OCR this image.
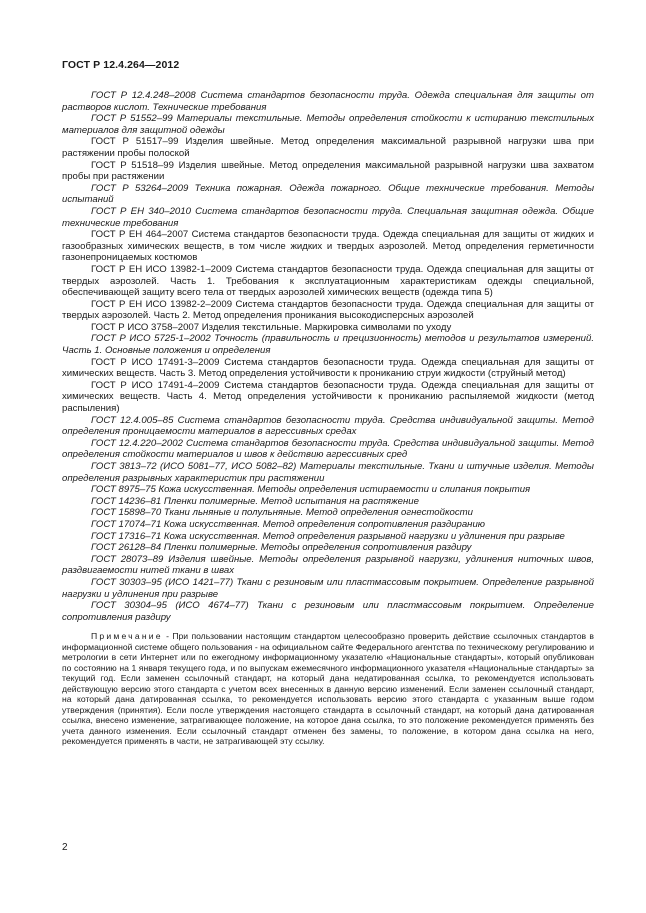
ГОСТ Р 12.4.264—2012

ГОСТ Р 12.4.248–2008 Система стандартов безопасности труда. Одежда специальная для защиты от растворов кислот. Технические требования

ГОСТ Р 51552–99 Материалы текстильные. Методы определения стойкости к истиранию текстильных материалов для защитной одежды

ГОСТ Р 51517–99 Изделия швейные. Метод определения максимальной разрывной нагрузки шва при растяжении пробы полоской

ГОСТ Р 51518–99 Изделия швейные. Метод определения максимальной разрывной нагрузки шва захватом пробы при растяжении

ГОСТ Р 53264–2009 Техника пожарная. Одежда пожарного. Общие технические требования. Методы испытаний

ГОСТ Р ЕН 340–2010 Система стандартов безопасности труда. Специальная защитная одежда. Общие технические требования

ГОСТ Р ЕН 464–2007 Система стандартов безопасности труда. Одежда специальная для защиты от жидких и газообразных химических веществ, в том числе жидких и твердых аэрозолей. Метод определения герметичности газонепроницаемых костюмов

ГОСТ Р ЕН ИСО 13982-1–2009 Система стандартов безопасности труда. Одежда специальная для защиты от твердых аэрозолей. Часть 1. Требования к эксплуатационным характеристикам одежды специальной, обеспечивающей защиту всего тела от твердых аэрозолей химических веществ (одежда типа 5)

ГОСТ Р ЕН ИСО 13982-2–2009 Система стандартов безопасности труда. Одежда специальная для защиты от твердых аэрозолей. Часть 2. Метод определения проникания высокодисперсных аэрозолей

ГОСТ Р ИСО 3758–2007 Изделия текстильные. Маркировка символами по уходу

ГОСТ Р ИСО 5725-1–2002 Точность (правильность и прецизионность) методов и результатов измерений. Часть 1. Основные положения и определения

ГОСТ Р ИСО 17491-3–2009 Система стандартов безопасности труда. Одежда специальная для защиты от химических веществ. Часть 3. Метод определения устойчивости к прониканию струи жидкости (струйный метод)

ГОСТ Р ИСО 17491-4–2009 Система стандартов безопасности труда. Одежда специальная для защиты от химических веществ. Часть 4. Метод определения устойчивости к прониканию распыляемой жидкости (метод распыления)

ГОСТ 12.4.005–85 Система стандартов безопасности труда. Средства индивидуальной защиты. Метод определения проницаемости материалов в агрессивных средах

ГОСТ 12.4.220–2002 Система стандартов безопасности труда. Средства индивидуальной защиты. Метод определения стойкости материалов и швов к действию агрессивных сред

ГОСТ 3813–72 (ИСО 5081–77, ИСО 5082–82) Материалы текстильные. Ткани и штучные изделия. Методы определения разрывных характеристик при растяжении

ГОСТ 8975–75 Кожа искусственная. Методы определения истираемости и слипания покрытия

ГОСТ 14236–81 Пленки полимерные. Метод испытания на растяжение

ГОСТ 15898–70 Ткани льняные и полульняные. Метод определения огнестойкости

ГОСТ 17074–71 Кожа искусственная. Метод определения сопротивления раздиранию

ГОСТ 17316–71 Кожа искусственная. Метод определения разрывной нагрузки и удлинения при разрыве

ГОСТ 26128–84 Пленки полимерные. Методы определения сопротивления раздиру

ГОСТ 28073–89 Изделия швейные. Методы определения разрывной нагрузки, удлинения ниточных швов, раздвигаемости нитей ткани в швах

ГОСТ 30303–95 (ИСО 1421–77) Ткани с резиновым или пластмассовым покрытием. Определение разрывной нагрузки и удлинения при разрыве

ГОСТ 30304–95 (ИСО 4674–77) Ткани с резиновым или пластмассовым покрытием. Определение сопротивления раздиру

Примечание - При пользовании настоящим стандартом целесообразно проверить действие ссылочных стандартов в информационной системе общего пользования - на официальном сайте Федерального агентства по техническому регулированию и метрологии в сети Интернет или по ежегодному информационному указателю «Национальные стандарты», который опубликован по состоянию на 1 января текущего года, и по выпускам ежемесячного информационного указателя «Национальные стандарты» за текущий год. Если заменен ссылочный стандарт, на который дана недатированная ссылка, то рекомендуется использовать действующую версию этого стандарта с учетом всех внесенных в данную версию изменений. Если заменен ссылочный стандарт, на который дана датированная ссылка, то рекомендуется использовать версию этого стандарта с указанным выше годом утверждения (принятия). Если после утверждения настоящего стандарта в ссылочный стандарт, на который дана датированная ссылка, внесено изменение, затрагивающее положение, на которое дана ссылка, то это положение рекомендуется применять без учета данного изменения. Если ссылочный стандарт отменен без замены, то положение, в котором дана ссылка на него, рекомендуется применять в части, не затрагивающей эту ссылку.

2
